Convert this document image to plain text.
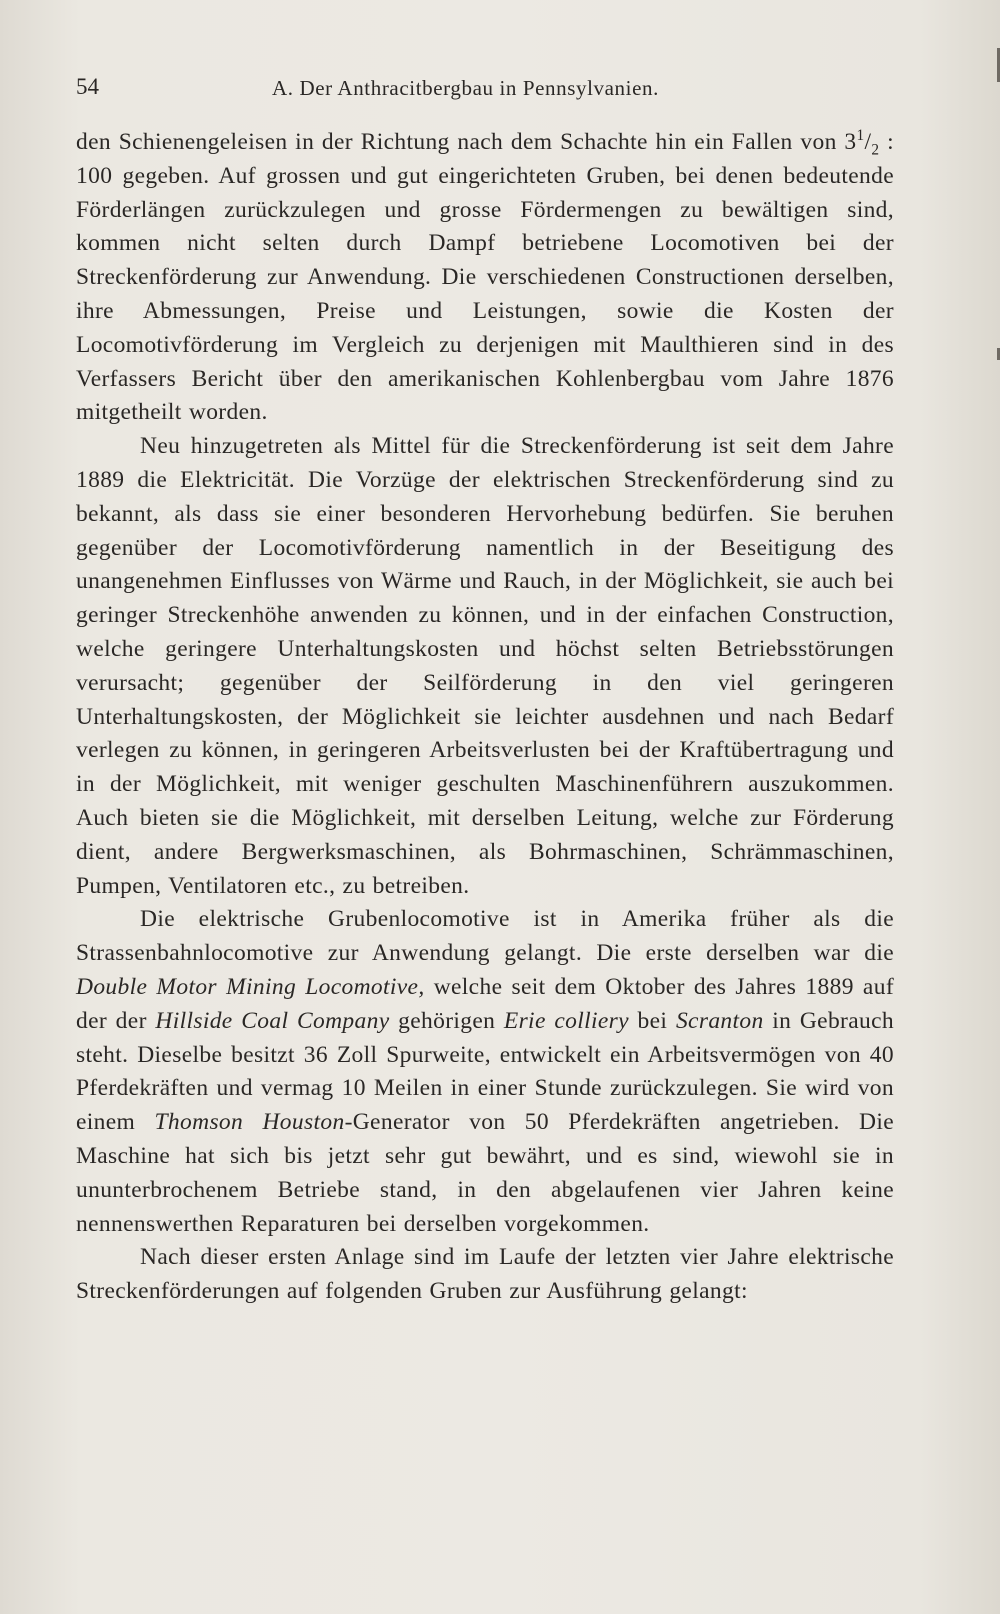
54	A. Der Anthracitbergbau in Pennsylvanien.

den Schienengeleisen in der Richtung nach dem Schachte hin ein Fallen von $3^1/_2$ : 100 gegeben. Auf grossen und gut eingerichteten Gruben, bei denen bedeutende Förderlängen zurückzulegen und grosse Fördermengen zu bewältigen sind, kommen nicht selten durch Dampf betriebene Locomotiven bei der Streckenförderung zur Anwendung. Die verschiedenen Constructionen derselben, ihre Abmessungen, Preise und Leistungen, sowie die Kosten der Locomotivförderung im Vergleich zu derjenigen mit Maulthieren sind in des Verfassers Bericht über den amerikanischen Kohlenbergbau vom Jahre 1876 mitgetheilt worden.

Neu hinzugetreten als Mittel für die Streckenförderung ist seit dem Jahre 1889 die Elektricität. Die Vorzüge der elektrischen Streckenförderung sind zu bekannt, als dass sie einer besonderen Hervorhebung bedürfen. Sie beruhen gegenüber der Locomotivförderung namentlich in der Beseitigung des unangenehmen Einflusses von Wärme und Rauch, in der Möglichkeit, sie auch bei geringer Streckenhöhe anwenden zu können, und in der einfachen Construction, welche geringere Unterhaltungskosten und höchst selten Betriebsstörungen verursacht; gegenüber der Seilförderung in den viel geringeren Unterhaltungskosten, der Möglichkeit sie leichter ausdehnen und nach Bedarf verlegen zu können, in geringeren Arbeitsverlusten bei der Kraftübertragung und in der Möglichkeit, mit weniger geschulten Maschinenführern auszukommen. Auch bieten sie die Möglichkeit, mit derselben Leitung, welche zur Förderung dient, andere Bergwerksmaschinen, als Bohrmaschinen, Schrämmaschinen, Pumpen, Ventilatoren etc., zu betreiben.

Die elektrische Grubenlocomotive ist in Amerika früher als die Strassenbahnlocomotive zur Anwendung gelangt. Die erste derselben war die Double Motor Mining Locomotive, welche seit dem Oktober des Jahres 1889 auf der der Hillside Coal Company gehörigen Erie colliery bei Scranton in Gebrauch steht. Dieselbe besitzt 36 Zoll Spurweite, entwickelt ein Arbeitsvermögen von 40 Pferdekräften und vermag 10 Meilen in einer Stunde zurückzulegen. Sie wird von einem Thomson Houston-Generator von 50 Pferdekräften angetrieben. Die Maschine hat sich bis jetzt sehr gut bewährt, und es sind, wiewohl sie in ununterbrochenem Betriebe stand, in den abgelaufenen vier Jahren keine nennenswerthen Reparaturen bei derselben vorgekommen.

Nach dieser ersten Anlage sind im Laufe der letzten vier Jahre elektrische Streckenförderungen auf folgenden Gruben zur Ausführung gelangt:
